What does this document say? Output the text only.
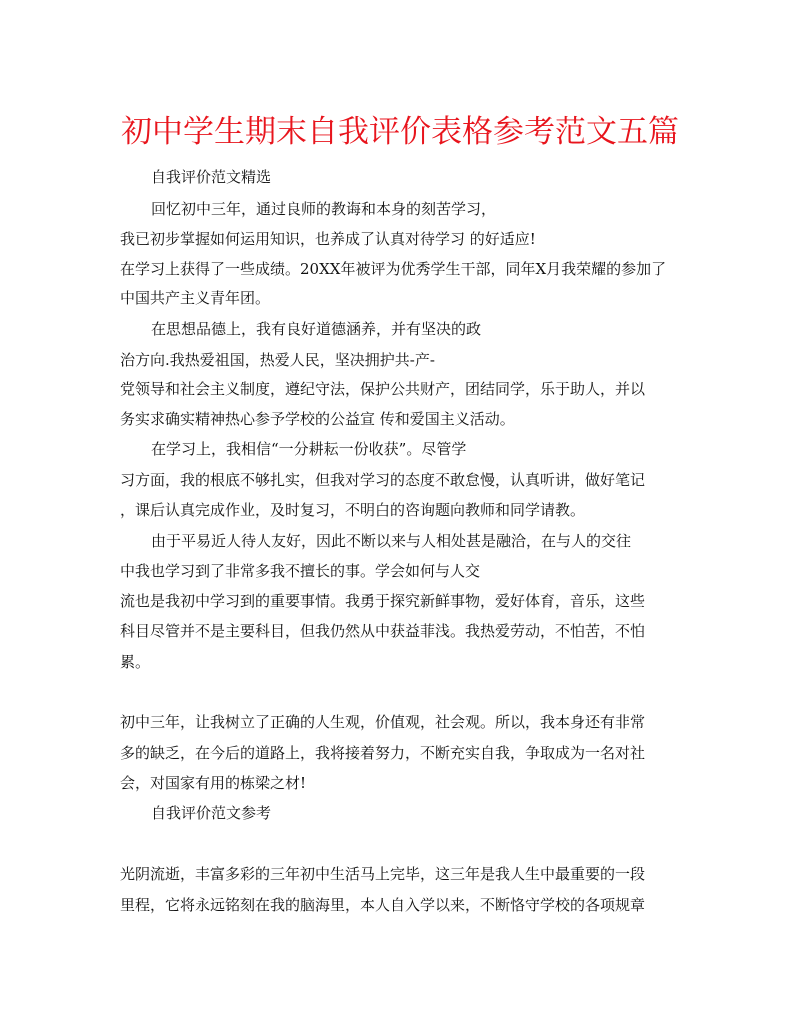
初中学生期末自我评价表格参考范文五篇
自我评价范文精选
回忆初中三年，通过良师的教诲和本身的刻苦学习，
我已初步掌握如何运用知识，也养成了认真对待学习 的好适应!
在学习上获得了一些成绩。20XX年被评为优秀学生干部，同年X月我荣耀的参加了
中国共产主义青年团。
在思想品德上，我有良好道德涵养，并有坚决的政
治方向.我热爱祖国，热爱人民，坚决拥护共-产-
党领导和社会主义制度，遵纪守法，保护公共财产，团结同学，乐于助人，并以
务实求确实精神热心参予学校的公益宣 传和爱国主义活动。
在学习上，我相信“一分耕耘一份收获”。尽管学
习方面，我的根底不够扎实，但我对学习的态度不敢怠慢，认真听讲，做好笔记
，课后认真完成作业，及时复习，不明白的咨询题向教师和同学请教。
由于平易近人待人友好，因此不断以来与人相处甚是融洽，在与人的交往
中我也学习到了非常多我不擅长的事。学会如何与人交
流也是我初中学习到的重要事情。我勇于探究新鲜事物，爱好体育，音乐，这些
科目尽管并不是主要科目，但我仍然从中获益菲浅。我热爱劳动，不怕苦，不怕
累。
初中三年，让我树立了正确的人生观，价值观，社会观。所以，我本身还有非常
多的缺乏，在今后的道路上，我将接着努力，不断充实自我，争取成为一名对社
会，对国家有用的栋梁之材!
自我评价范文参考
光阴流逝，丰富多彩的三年初中生活马上完毕，这三年是我人生中最重要的一段
里程，它将永远铭刻在我的脑海里，本人自入学以来，不断恪守学校的各项规章
